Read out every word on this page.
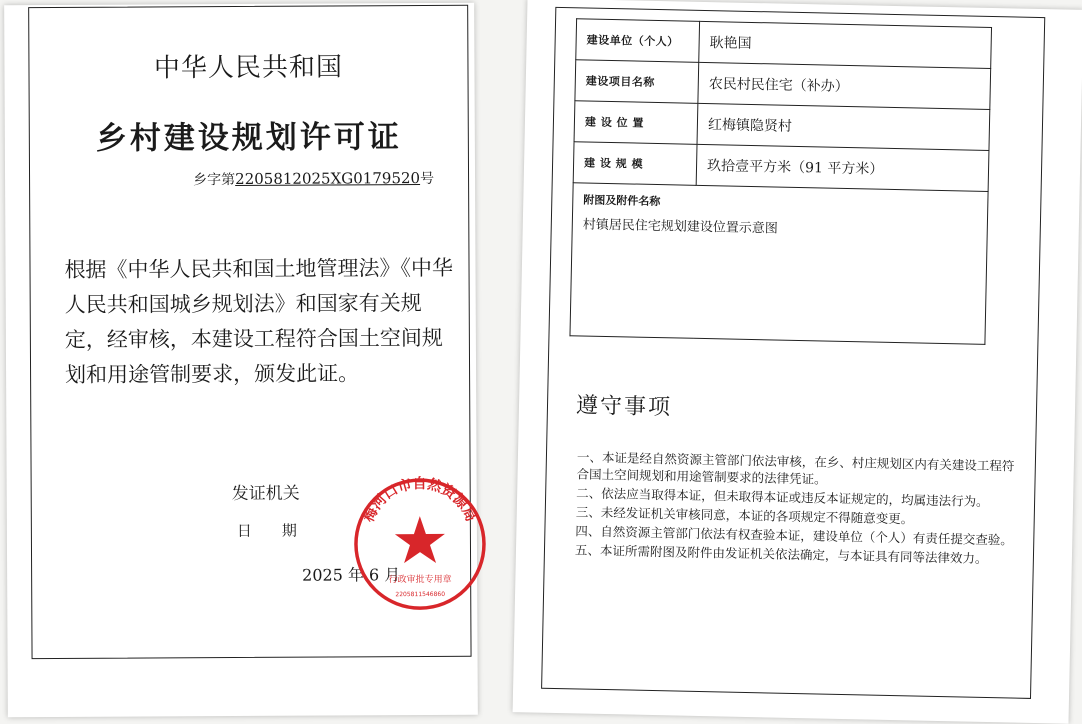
中华人民共和国
乡村建设规划许可证
乡字第2205812025XG0179520号
根据《中华人民共和国土地管理法》《中华人民共和国城乡规划法》和国家有关规定，经审核，本建设工程符合国土空间规划和用途管制要求，颁发此证。
发证机关
日　　期
2025 年 6 月
梅河口市自然资源局
行政审批专用章
2205811546860
建设单位（个人）	耿艳国
建设项目名称	农民村民住宅（补办）
建 设 位 置	红梅镇隐贤村
建 设 规 模	玖拾壹平方米（91 平方米）

附图及附件名称
村镇居民住宅规划建设位置示意图	
遵守事项
一、本证是经自然资源主管部门依法审核，在乡、村庄规划区内有关建设工程符合国土空间规划和用途管制要求的法律凭证。
二、依法应当取得本证，但未取得本证或违反本证规定的，均属违法行为。
三、未经发证机关审核同意，本证的各项规定不得随意变更。
四、自然资源主管部门依法有权查验本证，建设单位（个人）有责任提交查验。
五、本证所需附图及附件由发证机关依法确定，与本证具有同等法律效力。
